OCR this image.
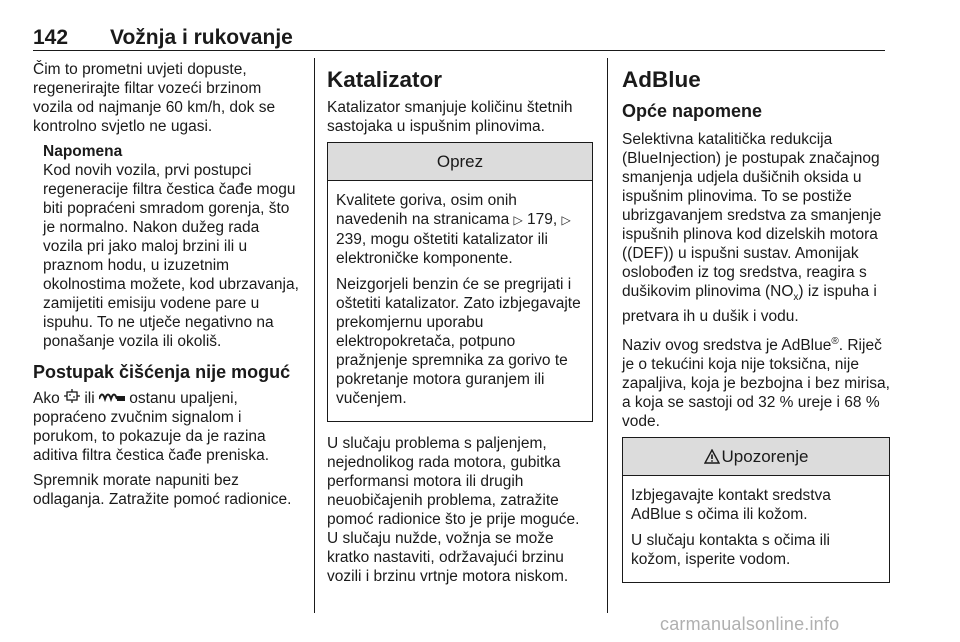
142 Vožnja i rukovanje

Čim to prometni uvjeti dopuste, regenerirajte filtar vozeći brzinom vozila od najmanje 60 km/h, dok se kontrolno svjetlo ne ugasi.

Napomena
Kod novih vozila, prvi postupci regeneracije filtra čestica čađe mogu biti popraćeni smradom gorenja, što je normalno. Nakon dužeg rada vozila pri jako maloj brzini ili u praznom hodu, u izuzetnim okolnostima možete, kod ubrzavanja, zamijetiti emisiju vodene pare u ispuhu. To ne utječe negativno na ponašanje vozila ili okoliš.
Postupak čišćenja nije moguć

Ako  ili  ostanu upaljeni, popraćeno zvučnim signalom i porukom, to pokazuje da je razina aditiva filtra čestica čađe preniska.

Spremnik morate napuniti bez odlaganja. Zatražite pomoć radionice.

Katalizator

Katalizator smanjuje količinu štetnih sastojaka u ispušnim plinovima.

Oprez

Kvalitete goriva, osim onih navedenih na stranicama ▷ 179, ▷ 239, mogu oštetiti katalizator ili elektroničke komponente.

Neizgorjeli benzin će se pregrijati i oštetiti katalizator. Zato izbjegavajte prekomjernu uporabu elektropokretača, potpuno pražnjenje spremnika za gorivo te pokretanje motora guranjem ili vučenjem.

U slučaju problema s paljenjem, nejednolikog rada motora, gubitka performansi motora ili drugih neuobičajenih problema, zatražite pomoć radionice što je prije moguće. U slučaju nužde, vožnja se može kratko nastaviti, održavajući brzinu vozili i brzinu vrtnje motora niskom.

AdBlue
Opće napomene

Selektivna katalitička redukcija (BlueInjection) je postupak značajnog smanjenja udjela dušičnih oksida u ispušnim plinovima. To se postiže ubrizgavanjem sredstva za smanjenje ispušnih plinova kod dizelskih motora ((DEF)) u ispušni sustav. Amonijak oslobođen iz tog sredstva, reagira s dušikovim plinovima $(NO_x)$ iz ispuha i pretvara ih u dušik i vodu.

Naziv ovog sredstva je AdBlue®. Riječ je o tekućini koja nije toksična, nije zapaljiva, koja je bezbojna i bez mirisa, a koja se sastoji od 32 % ureje i 68 % vode.

Upozorenje

Izbjegavajte kontakt sredstva AdBlue s očima ili kožom.

U slučaju kontakta s očima ili kožom, isperite vodom.

carmanualsonline.info
